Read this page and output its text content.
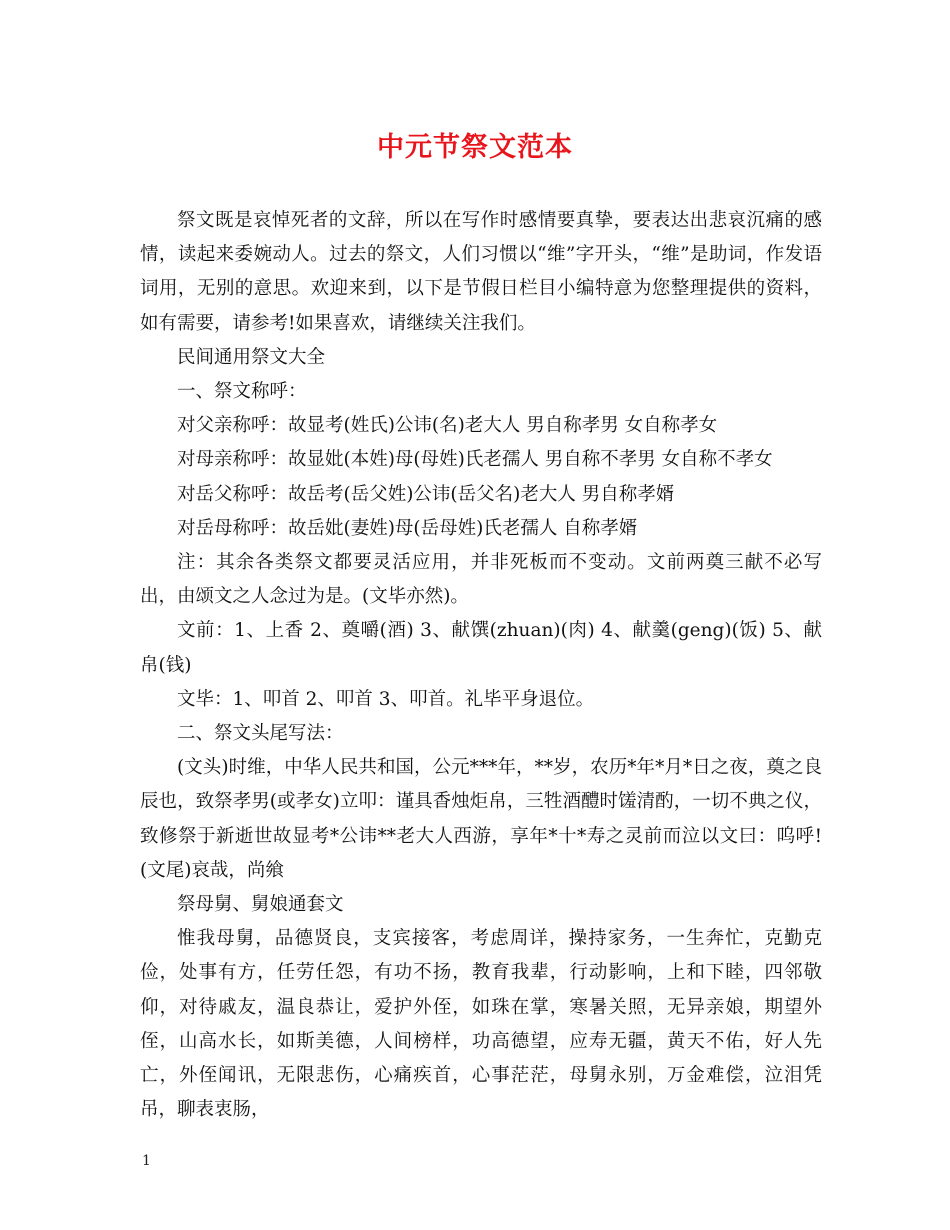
中元节祭文范本

祭文既是哀悼死者的文辞，所以在写作时感情要真挚，要表达出悲哀沉痛的感情，读起来委婉动人。过去的祭文，人们习惯以“维”字开头，“维”是助词，作发语词用，无别的意思。欢迎来到，以下是节假日栏目小编特意为您整理提供的资料，如有需要，请参考!如果喜欢，请继续关注我们。

民间通用祭文大全

一、祭文称呼：

对父亲称呼：故显考(姓氏)公讳(名)老大人 男自称孝男 女自称孝女

对母亲称呼：故显妣(本姓)母(母姓)氏老孺人 男自称不孝男 女自称不孝女

对岳父称呼：故岳考(岳父姓)公讳(岳父名)老大人 男自称孝婿

对岳母称呼：故岳妣(妻姓)母(岳母姓)氏老孺人 自称孝婿

注：其余各类祭文都要灵活应用，并非死板而不变动。文前两奠三献不必写出，由颂文之人念过为是。(文毕亦然)。

文前：1、上香 2、奠嚼(酒) 3、献馔(zhuan)(肉) 4、献羹(geng)(饭) 5、献帛(钱)

文毕：1、叩首 2、叩首 3、叩首。礼毕平身退位。

二、祭文头尾写法：

(文头)时维，中华人民共和国，公元***年，**岁，农历*年*月*日之夜，奠之良辰也，致祭孝男(或孝女)立叩：谨具香烛炬帛，三牲酒醴时馐清酌，一切不典之仪，致修祭于新逝世故显考*公讳**老大人西游，享年*十*寿之灵前而泣以文曰：呜呼!(文尾)哀哉，尚飨

祭母舅、舅娘通套文

惟我母舅，品德贤良，支宾接客，考虑周详，操持家务，一生奔忙，克勤克俭，处事有方，任劳任怨，有功不扬，教育我辈，行动影响，上和下睦，四邻敬仰，对待戚友，温良恭让，爱护外侄，如珠在掌，寒暑关照，无异亲娘，期望外侄，山高水长，如斯美德，人间榜样，功高德望，应寿无疆，黄天不佑，好人先亡，外侄闻讯，无限悲伤，心痛疾首，心事茫茫，母舅永别，万金难偿，泣泪凭吊，聊表衷肠，

1
